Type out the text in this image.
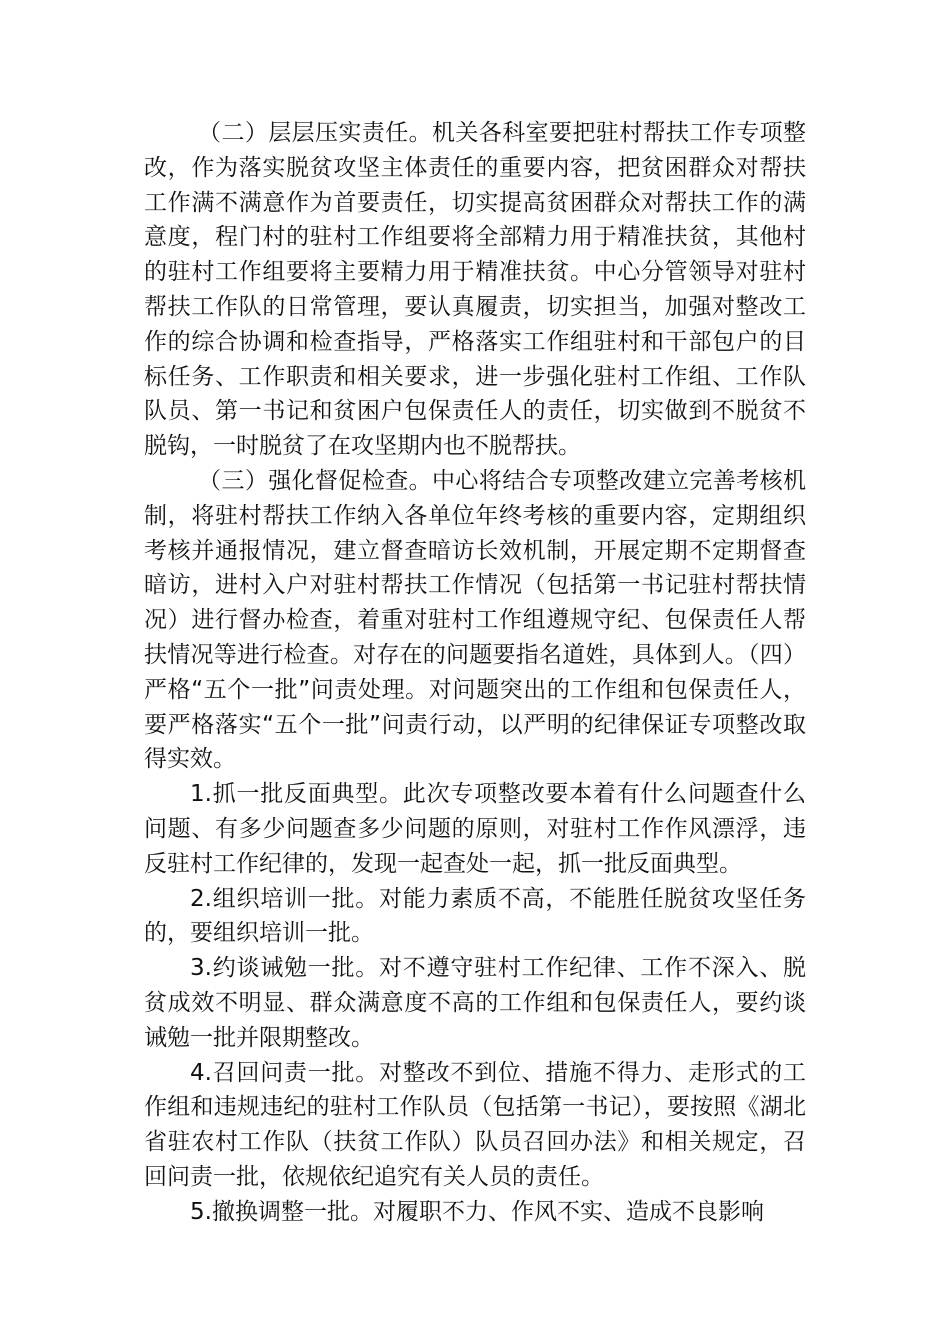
（二）层层压实责任。机关各科室要把驻村帮扶工作专项整改，作为落实脱贫攻坚主体责任的重要内容，把贫困群众对帮扶工作满不满意作为首要责任，切实提高贫困群众对帮扶工作的满意度，程门村的驻村工作组要将全部精力用于精准扶贫，其他村的驻村工作组要将主要精力用于精准扶贫。中心分管领导对驻村帮扶工作队的日常管理，要认真履责，切实担当，加强对整改工作的综合协调和检查指导，严格落实工作组驻村和干部包户的目标任务、工作职责和相关要求，进一步强化驻村工作组、工作队队员、第一书记和贫困户包保责任人的责任，切实做到不脱贫不脱钩，一时脱贫了在攻坚期内也不脱帮扶。

（三）强化督促检查。中心将结合专项整改建立完善考核机制，将驻村帮扶工作纳入各单位年终考核的重要内容，定期组织考核并通报情况，建立督查暗访长效机制，开展定期不定期督查暗访，进村入户对驻村帮扶工作情况（包括第一书记驻村帮扶情况）进行督办检查，着重对驻村工作组遵规守纪、包保责任人帮扶情况等进行检查。对存在的问题要指名道姓，具体到人。（四）严格“五个一批”问责处理。对问题突出的工作组和包保责任人，要严格落实“五个一批”问责行动，以严明的纪律保证专项整改取得实效。

1.抓一批反面典型。此次专项整改要本着有什么问题查什么问题、有多少问题查多少问题的原则，对驻村工作作风漂浮，违反驻村工作纪律的，发现一起查处一起，抓一批反面典型。

2.组织培训一批。对能力素质不高，不能胜任脱贫攻坚任务的，要组织培训一批。

3.约谈诫勉一批。对不遵守驻村工作纪律、工作不深入、脱贫成效不明显、群众满意度不高的工作组和包保责任人，要约谈诫勉一批并限期整改。

4.召回问责一批。对整改不到位、措施不得力、走形式的工作组和违规违纪的驻村工作队员（包括第一书记），要按照《湖北省驻农村工作队（扶贫工作队）队员召回办法》和相关规定，召回问责一批，依规依纪追究有关人员的责任。

5.撤换调整一批。对履职不力、作风不实、造成不良影响
